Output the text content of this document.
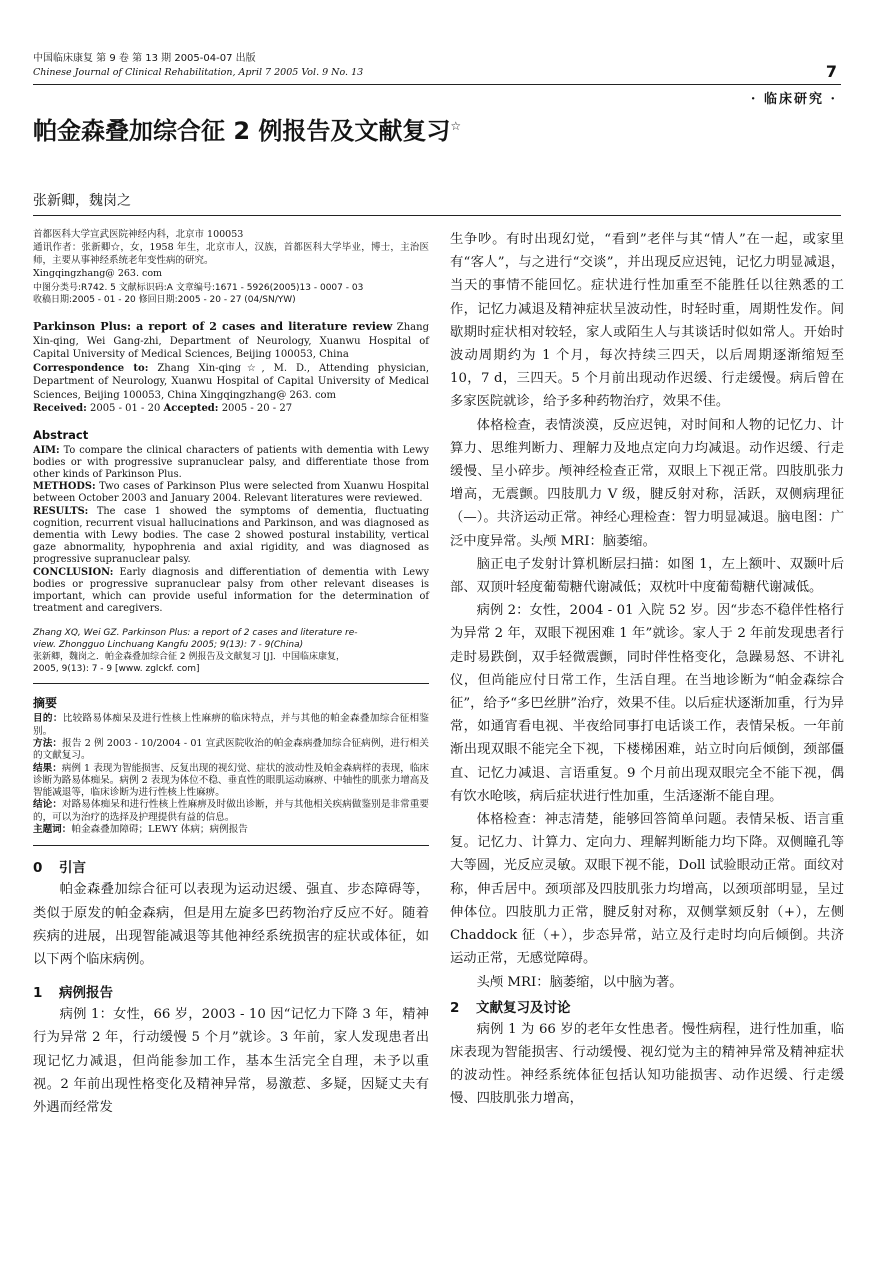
中国临床康复 第 9 卷 第 13 期 2005-04-07 出版
Chinese Journal of Clinical Rehabilitation, April 7 2005 Vol. 9 No. 13	7
· 临床研究 ·
帕金森叠加综合征 2 例报告及文献复习☆
张新卿，魏岗之

首都医科大学宣武医院神经内科，北京市 100053

通讯作者：张新卿☆，女，1958 年生，北京市人，汉族，首都医科大学毕业，博士，主治医师，主要从事神经系统老年变性病的研究。

Xingqingzhang@ 263. com

中图分类号:R742. 5 文献标识码:A 文章编号:1671 - 5926(2005)13 - 0007 - 03
收稿日期:2005 - 01 - 20 修回日期:2005 - 20 - 27 (04/SN/YW)

Parkinson Plus: a report of 2 cases and literature review Zhang Xin-qing, Wei Gang-zhi, Department of Neurology, Xuanwu Hospital of Capital University of Medical Sciences, Beijing 100053, China

Correspondence to: Zhang Xin-qing☆, M. D., Attending physician, Department of Neurology, Xuanwu Hospital of Capital University of Medical Sciences, Beijing 100053, China Xingqingzhang@ 263. com

Received: 2005 - 01 - 20 Accepted: 2005 - 20 - 27

Abstract

AIM: To compare the clinical characters of patients with dementia with Lewy bodies or with progressive supranuclear palsy, and differentiate those from other kinds of Parkinson Plus.

METHODS: Two cases of Parkinson Plus were selected from Xuanwu Hospital between October 2003 and January 2004. Relevant literatures were reviewed.

RESULTS: The case 1 showed the symptoms of dementia, fluctuating cognition, recurrent visual hallucinations and Parkinson, and was diagnosed as dementia with Lewy bodies. The case 2 showed postural instability, vertical gaze abnormality, hypophrenia and axial rigidity, and was diagnosed as progressive supranuclear palsy.

CONCLUSION: Early diagnosis and differentiation of dementia with Lewy bodies or progressive supranuclear palsy from other relevant diseases is important, which can provide useful information for the determination of treatment and caregivers.

Zhang XQ, Wei GZ. Parkinson Plus: a report of 2 cases and literature re-

view. Zhongguo Linchuang Kangfu 2005; 9(13): 7 - 9(China)

张新卿，魏岗之．帕金森叠加综合征 2 例报告及文献复习 [J]．中国临床康复，

2005, 9(13): 7 - 9 [www. zglckf. com]

摘要

目的：比较路易体痴呆及进行性核上性麻痹的临床特点，并与其他的帕金森叠加综合征相鉴别。

方法：报告 2 例 2003 - 10/2004 - 01 宣武医院收治的帕金森病叠加综合征病例，进行相关的文献复习。

结果：病例 1 表现为智能损害、反复出现的视幻觉、症状的波动性及帕金森病样的表现，临床诊断为路易体痴呆。病例 2 表现为体位不稳、垂直性的眼肌运动麻痹、中轴性的肌张力增高及智能减退等，临床诊断为进行性核上性麻痹。

结论：对路易体痴呆和进行性核上性麻痹及时做出诊断，并与其他相关疾病做鉴别是非常重要的，可以为治疗的选择及护理提供有益的信息。

主题词：帕金森叠加障碍；LEWY 体病；病例报告

0 引言

帕金森叠加综合征可以表现为运动迟缓、强直、步态障碍等，类似于原发的帕金森病，但是用左旋多巴药物治疗反应不好。随着疾病的进展，出现智能减退等其他神经系统损害的症状或体征，如以下两个临床病例。

1 病例报告

病例 1：女性，66 岁，2003 - 10 因“记忆力下降 3 年，精神行为异常 2 年，行动缓慢 5 个月”就诊。3 年前，家人发现患者出现记忆力减退，但尚能参加工作，基本生活完全自理，未予以重视。2 年前出现性格变化及精神异常，易激惹、多疑，因疑丈夫有外遇而经常发

生争吵。有时出现幻觉，“看到”老伴与其“情人”在一起，或家里有“客人”，与之进行“交谈”，并出现反应迟钝，记忆力明显减退，当天的事情不能回忆。症状进行性加重至不能胜任以往熟悉的工作，记忆力减退及精神症状呈波动性，时轻时重，周期性发作。间歇期时症状相对较轻，家人或陌生人与其谈话时似如常人。开始时波动周期约为 1 个月，每次持续三四天，以后周期逐渐缩短至 10，7 d，三四天。5 个月前出现动作迟缓、行走缓慢。病后曾在多家医院就诊，给予多种药物治疗，效果不佳。

体格检查，表情淡漠，反应迟钝，对时间和人物的记忆力、计算力、思维判断力、理解力及地点定向力均减退。动作迟缓、行走缓慢、呈小碎步。颅神经检查正常，双眼上下视正常。四肢肌张力增高，无震颤。四肢肌力 V 级，腱反射对称，活跃，双侧病理征（—）。共济运动正常。神经心理检查：智力明显减退。脑电图：广泛中度异常。头颅 MRI：脑萎缩。

脑正电子发射计算机断层扫描：如图 1，左上额叶、双颞叶后部、双顶叶轻度葡萄糖代谢减低；双枕叶中度葡萄糖代谢减低。

病例 2：女性，2004 - 01 入院 52 岁。因“步态不稳伴性格行为异常 2 年，双眼下视困难 1 年”就诊。家人于 2 年前发现患者行走时易跌倒，双手轻微震颤，同时伴性格变化，急躁易怒、不讲礼仪，但尚能应付日常工作，生活自理。在当地诊断为“帕金森综合征”，给予“多巴丝肼”治疗，效果不佳。以后症状逐渐加重，行为异常，如通宵看电视、半夜给同事打电话谈工作，表情呆板。一年前渐出现双眼不能完全下视，下楼梯困难，站立时向后倾倒，颈部僵直、记忆力减退、言语重复。9 个月前出现双眼完全不能下视，偶有饮水呛咳，病后症状进行性加重，生活逐渐不能自理。

体格检查：神志清楚，能够回答简单问题。表情呆板、语言重复。记忆力、计算力、定向力、理解判断能力均下降。双侧瞳孔等大等圆，光反应灵敏。双眼下视不能，Doll 试验眼动正常。面纹对称，伸舌居中。颈项部及四肢肌张力均增高，以颈项部明显，呈过伸体位。四肢肌力正常，腱反射对称，双侧掌颏反射（+），左侧 Chaddock 征（+），步态异常，站立及行走时均向后倾倒。共济运动正常，无感觉障碍。

头颅 MRI：脑萎缩，以中脑为著。

2 文献复习及讨论

病例 1 为 66 岁的老年女性患者。慢性病程，进行性加重，临床表现为智能损害、行动缓慢、视幻觉为主的精神异常及精神症状的波动性。神经系统体征包括认知功能损害、动作迟缓、行走缓慢、四肢肌张力增高，
